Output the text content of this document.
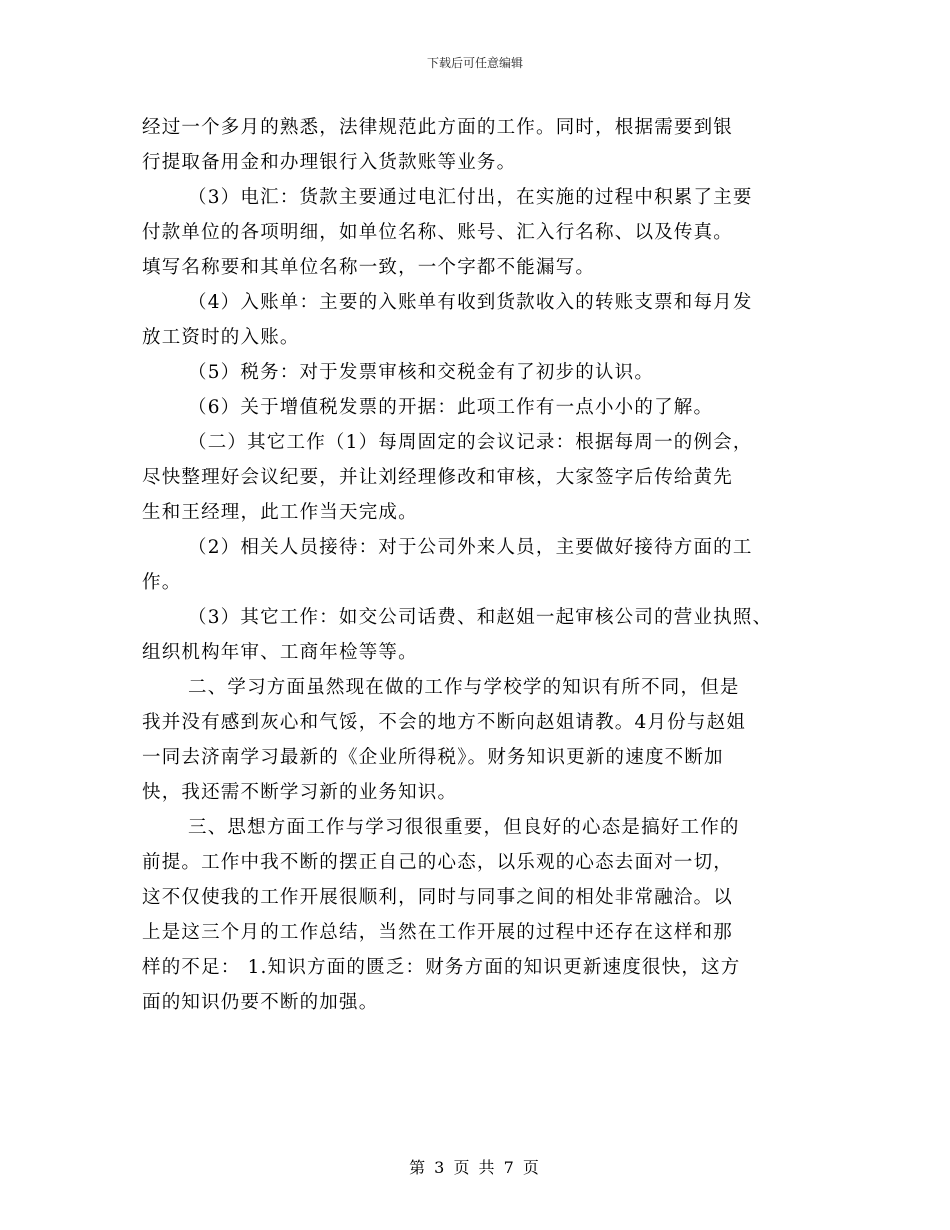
下载后可任意编辑
经过一个多月的熟悉，法律规范此方面的工作。同时，根据需要到银
行提取备用金和办理银行入货款账等业务。
（3）电汇：货款主要通过电汇付出，在实施的过程中积累了主要
付款单位的各项明细，如单位名称、账号、汇入行名称、以及传真。
填写名称要和其单位名称一致，一个字都不能漏写。
（4）入账单：主要的入账单有收到货款收入的转账支票和每月发
放工资时的入账。
（5）税务：对于发票审核和交税金有了初步的认识。
（6）关于增值税发票的开据：此项工作有一点小小的了解。
（二）其它工作（1）每周固定的会议记录：根据每周一的例会，
尽快整理好会议纪要，并让刘经理修改和审核，大家签字后传给黄先
生和王经理，此工作当天完成。
（2）相关人员接待：对于公司外来人员，主要做好接待方面的工
作。
（3）其它工作：如交公司话费、和赵姐一起审核公司的营业执照、
组织机构年审、工商年检等等。
二、学习方面虽然现在做的工作与学校学的知识有所不同，但是
我并没有感到灰心和气馁，不会的地方不断向赵姐请教。4月份与赵姐
一同去济南学习最新的《企业所得税》。财务知识更新的速度不断加
快，我还需不断学习新的业务知识。
三、思想方面工作与学习很很重要，但良好的心态是搞好工作的
前提。工作中我不断的摆正自己的心态，以乐观的心态去面对一切，
这不仅使我的工作开展很顺利，同时与同事之间的相处非常融洽。以
上是这三个月的工作总结，当然在工作开展的过程中还存在这样和那
样的不足： 1.知识方面的匮乏：财务方面的知识更新速度很快，这方
面的知识仍要不断的加强。
第 3 页 共 7 页
